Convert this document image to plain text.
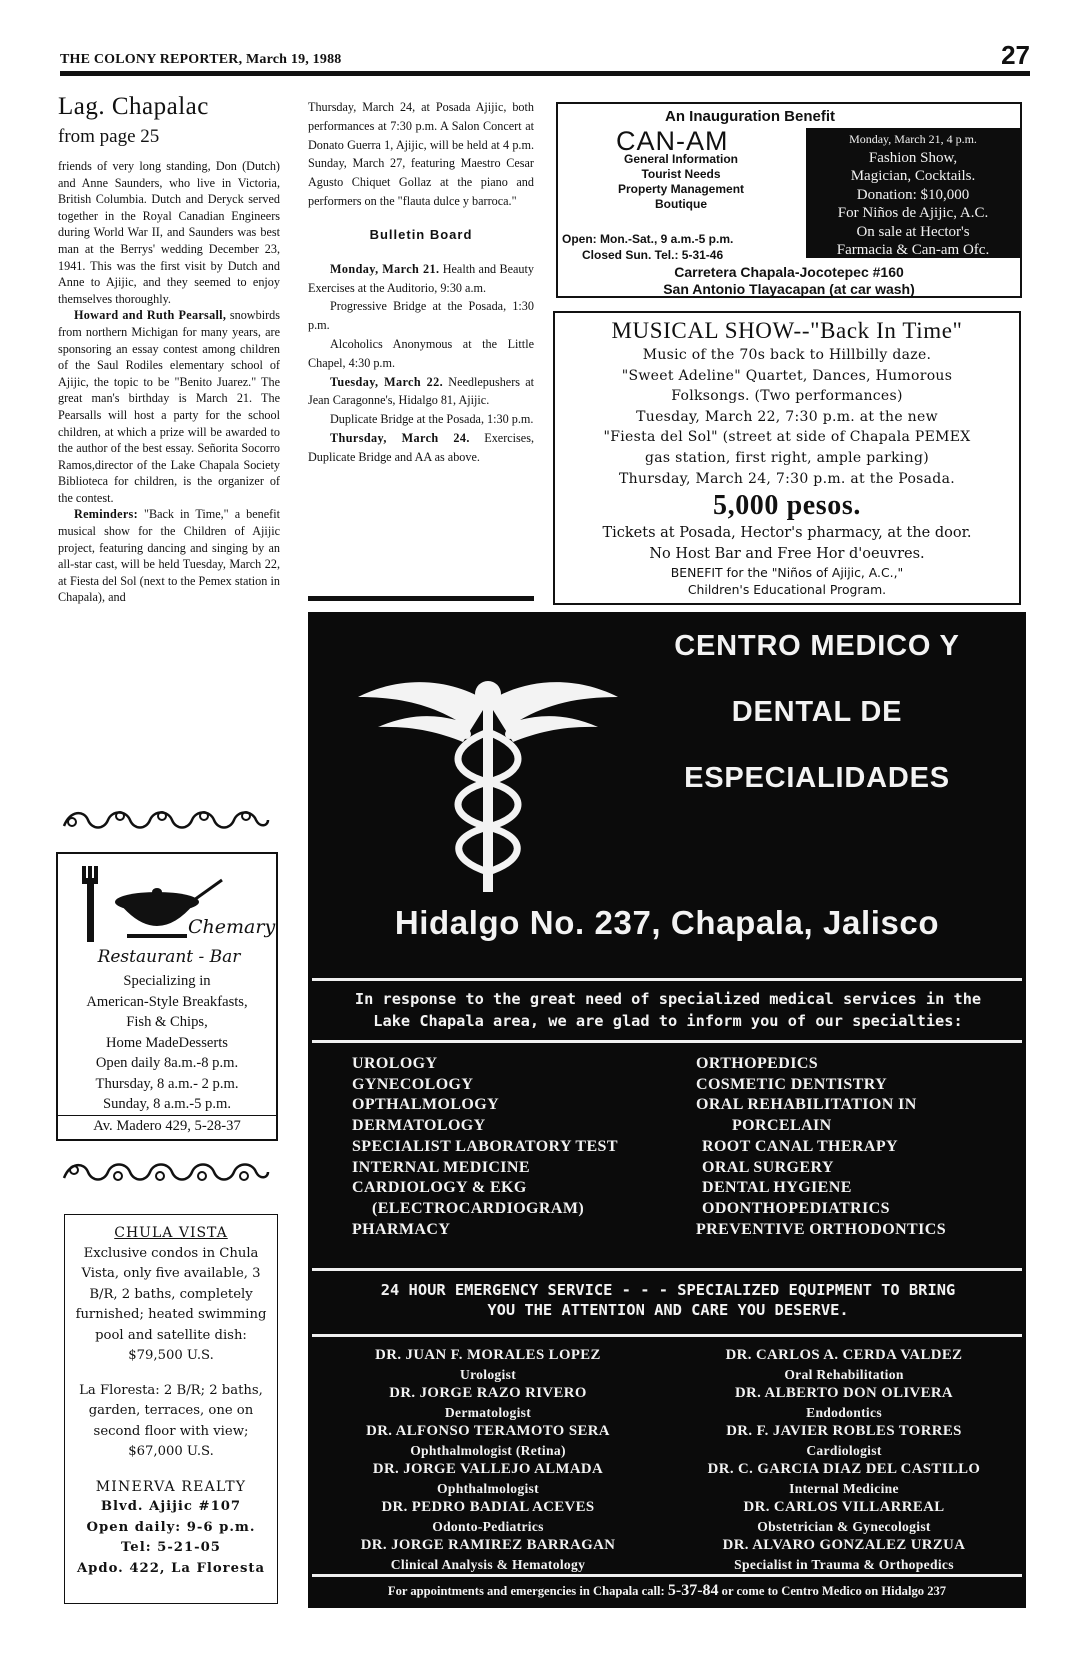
THE COLONY REPORTER, March 19, 1988	27
Lag. Chapalac
from page 25

friends of very long standing, Don (Dutch) and Anne Saunders, who live in Victoria, British Columbia. Dutch and Deryck served together in the Royal Canadian Engineers during World War II, and Saunders was best man at the Berrys' wedding December 23, 1941. This was the first visit by Dutch and Anne to Ajijic, and they seemed to enjoy themselves thoroughly.

Howard and Ruth Pearsall, snowbirds from northern Michigan for many years, are sponsoring an essay contest among children of the Saul Rodiles elementary school of Ajijic, the topic to be "Benito Juarez." The great man's birthday is March 21. The Pearsalls will host a party for the school children, at which a prize will be awarded to the author of the best essay. Señorita Socorro Ramos,director of the Lake Chapala Society Biblioteca for children, is the organizer of the contest.

Reminders: "Back in Time," a benefit musical show for the Children of Ajijic project, featuring dancing and singing by an all-star cast, will be held Tuesday, March 22, at Fiesta del Sol (next to the Pemex station in Chapala), and

Chemary
Restaurant - Bar
Specializing in
American-Style Breakfasts,
Fish & Chips,
Home MadeDesserts
Open daily 8a.m.-8 p.m.
Thursday, 8 a.m.- 2 p.m.
Sunday, 8 a.m.-5 p.m.
Av. Madero 429, 5-28-37
CHULA VISTA
Exclusive condos in Chula Vista, only five available, 3 B/R, 2 baths, completely furnished; heated swimming pool and satellite dish: $79,500 U.S.
La Floresta: 2 B/R; 2 baths, garden, terraces, one on second floor with view; $67,000 U.S.
MINERVA REALTY
Blvd. Ajijic #107
Open daily: 9-6 p.m.
Tel: 5-21-05
Apdo. 422, La Floresta

Thursday, March 24, at Posada Ajijic, both performances at 7:30 p.m. A Salon Concert at Donato Guerra 1, Ajijic, will be held at 4 p.m. Sunday, March 27, featuring Maestro Cesar Agusto Chiquet Gollaz at the piano and performers on the "flauta dulce y barroca."

Bulletin Board

Monday, March 21. Health and Beauty Exercises at the Auditorio, 9:30 a.m.

Progressive Bridge at the Posada, 1:30 p.m.

Alcoholics Anonymous at the Little Chapel, 4:30 p.m.

Tuesday, March 22. Needlepushers at Jean Caragonne's, Hidalgo 81, Ajijic.

Duplicate Bridge at the Posada, 1:30 p.m.

Thursday, March 24. Exercises, Duplicate Bridge and AA as above.

An Inauguration Benefit
CAN-AM
General Information
Tourist Needs
Property Management
Boutique
Open: Mon.-Sat., 9 a.m.-5 p.m.
Closed Sun. Tel.: 5-31-46
Monday, March 21, 4 p.m.
Fashion Show,
Magician, Cocktails.
Donation: $10,000
For Niños de Ajijic, A.C.
On sale at Hector's
Farmacia & Can-am Ofc.
Carretera Chapala-Jocotepec #160
San Antonio Tlayacapan (at car wash)
MUSICAL SHOW--"Back In Time"
Music of the 70s back to Hillbilly daze.
"Sweet Adeline" Quartet, Dances, Humorous
Folksongs. (Two performances)
Tuesday, March 22, 7:30 p.m. at the new
"Fiesta del Sol" (street at side of Chapala PEMEX
gas station, first right, ample parking)
Thursday, March 24, 7:30 p.m. at the Posada.
5,000 pesos.
Tickets at Posada, Hector's pharmacy, at the door.
No Host Bar and Free Hor d'oeuvres.
BENEFIT for the "Niños of Ajijic, A.C.,"
Children's Educational Program.
CENTRO MEDICO Y
DENTAL DE
ESPECIALIDADES
Hidalgo No. 237, Chapala, Jalisco
In response to the great need of specialized medical services in the
Lake Chapala area, we are glad to inform you of our specialties:
UROLOGY
GYNECOLOGY
OPTHALMOLOGY
DERMATOLOGY
SPECIALIST LABORATORY TEST
INTERNAL MEDICINE
CARDIOLOGY & EKG
(ELECTROCARDIOGRAM)
PHARMACY
ORTHOPEDICS
COSMETIC DENTISTRY
ORAL REHABILITATION IN
PORCELAIN
ROOT CANAL THERAPY
ORAL SURGERY
DENTAL HYGIENE
ODONTHOPEDIATRICS
PREVENTIVE ORTHODONTICS
24 HOUR EMERGENCY SERVICE - - - SPECIALIZED EQUIPMENT TO BRING
YOU THE ATTENTION AND CARE YOU DESERVE.
DR. JUAN F. MORALES LOPEZ
Urologist
DR. JORGE RAZO RIVERO
Dermatologist
DR. ALFONSO TERAMOTO SERA
Ophthalmologist (Retina)
DR. JORGE VALLEJO ALMADA
Ophthalmologist
DR. PEDRO BADIAL ACEVES
Odonto-Pediatrics
DR. JORGE RAMIREZ BARRAGAN
Clinical Analysis & Hematology
DR. CARLOS A. CERDA VALDEZ
Oral Rehabilitation
DR. ALBERTO DON OLIVERA
Endodontics
DR. F. JAVIER ROBLES TORRES
Cardiologist
DR. C. GARCIA DIAZ DEL CASTILLO
Internal Medicine
DR. CARLOS VILLARREAL
Obstetrician & Gynecologist
DR. ALVARO GONZALEZ URZUA
Specialist in Trauma & Orthopedics
For appointments and emergencies in Chapala call: 5-37-84 or come to Centro Medico on Hidalgo 237
